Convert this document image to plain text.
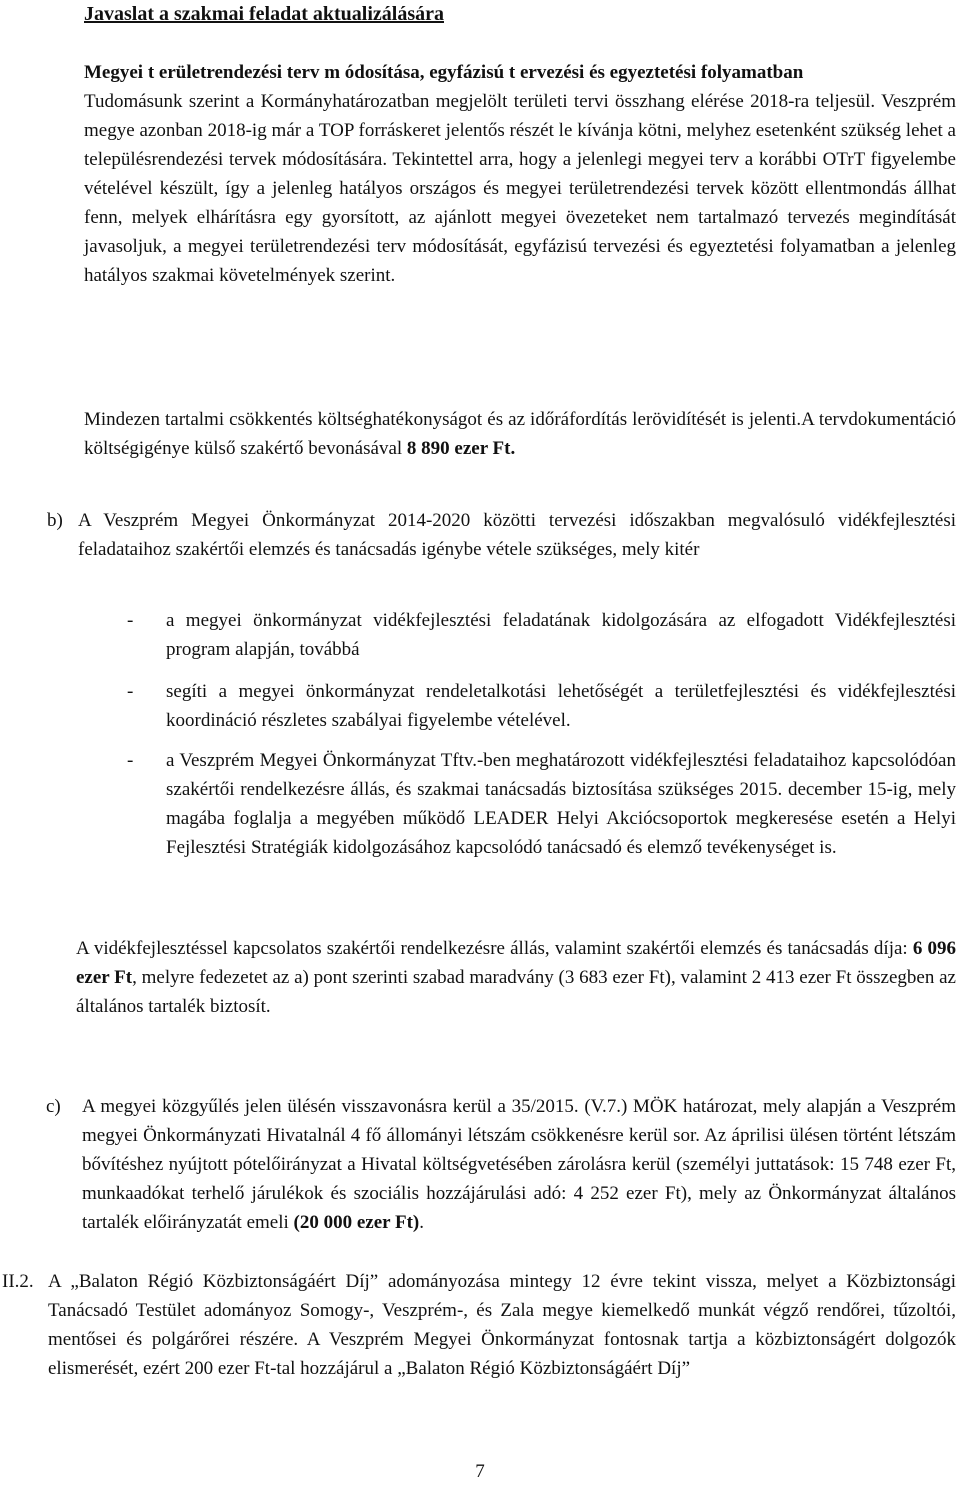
Javaslat a szakmai feladat aktualizálására
Megyei t erületrendezési terv m ódosítása, egyfázisú t ervezési és egyeztetési folyamatban
Tudomásunk szerint a Kormányhatározatban megjelölt területi tervi összhang elérése 2018-ra teljesül. Veszprém megye azonban 2018-ig már a TOP forráskeret jelentős részét le kívánja kötni, melyhez esetenként szükség lehet a településrendezési tervek módosítására. Tekintettel arra, hogy a jelenlegi megyei terv a korábbi OTrT figyelembe vételével készült, így a jelenleg hatályos országos és megyei területrendezési tervek között ellentmondás állhat fenn, melyek elhárításra egy gyorsított, az ajánlott megyei övezeteket nem tartalmazó tervezés megindítását javasoljuk, a megyei területrendezési terv módosítását, egyfázisú tervezési és egyeztetési folyamatban a jelenleg hatályos szakmai követelmények szerint.

Mindezen tartalmi csökkentés költséghatékonyságot és az időráfordítás lerövidítését is jelenti.A tervdokumentáció költségigénye külső szakértő bevonásával 8 890 ezer Ft.

b) A Veszprém Megyei Önkormányzat 2014-2020 közötti tervezési időszakban megvalósuló vidékfejlesztési feladataihoz szakértői elemzés és tanácsadás igénybe vétele szükséges, mely kitér

- a megyei önkormányzat vidékfejlesztési feladatának kidolgozására az elfogadott Vidékfejlesztési program alapján, továbbá

- segíti a megyei önkormányzat rendeletalkotási lehetőségét a területfejlesztési és vidékfejlesztési koordináció részletes szabályai figyelembe vételével.

- a Veszprém Megyei Önkormányzat Tftv.-ben meghatározott vidékfejlesztési feladataihoz kapcsolódóan szakértői rendelkezésre állás, és szakmai tanácsadás biztosítása szükséges 2015. december 15-ig, mely magába foglalja a megyében működő LEADER Helyi Akciócsoportok megkeresése esetén a Helyi Fejlesztési Stratégiák kidolgozásához kapcsolódó tanácsadó és elemző tevékenységet is.

A vidékfejlesztéssel kapcsolatos szakértői rendelkezésre állás, valamint szakértői elemzés és tanácsadás díja: 6 096 ezer Ft, melyre fedezetet az a) pont szerinti szabad maradvány (3 683 ezer Ft), valamint 2 413 ezer Ft összegben az általános tartalék biztosít.

c) A megyei közgyűlés jelen ülésén visszavonásra kerül a 35/2015. (V.7.) MÖK határozat, mely alapján a Veszprém megyei Önkormányzati Hivatalnál 4 fő állományi létszám csökkenésre kerül sor. Az áprilisi ülésen történt létszám bővítéshez nyújtott pótelőirányzat a Hivatal költségvetésében zárolásra kerül (személyi juttatások: 15 748 ezer Ft, munkaadókat terhelő járulékok és szociális hozzájárulási adó: 4 252 ezer Ft), mely az Önkormányzat általános tartalék előirányzatát emeli (20 000 ezer Ft).

II.2. A „Balaton Régió Közbiztonságáért Díj” adományozása mintegy 12 évre tekint vissza, melyet a Közbiztonsági Tanácsadó Testület adományoz Somogy-, Veszprém-, és Zala megye kiemelkedő munkát végző rendőrei, tűzoltói, mentősei és polgárőrei részére. A Veszprém Megyei Önkormányzat fontosnak tartja a közbiztonságért dolgozók elismerését, ezért 200 ezer Ft-tal hozzájárul a „Balaton Régió Közbiztonságáért Díj”

7
